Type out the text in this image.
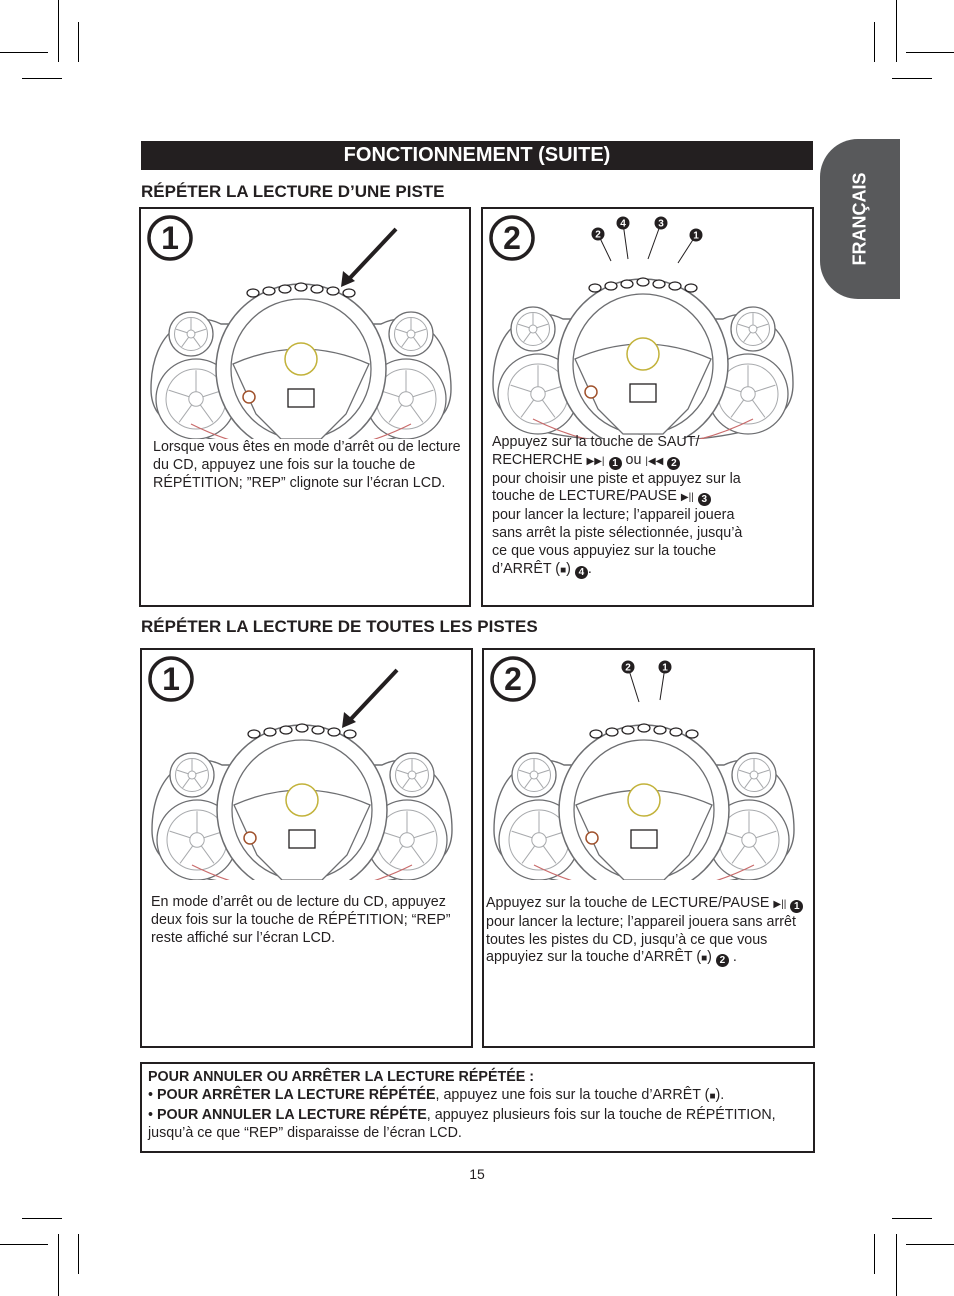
FONCTIONNEMENT (SUITE)
FRANÇAIS
RÉPÉTER LA LECTURE D’UNE PISTE
RÉPÉTER LA LECTURE DE TOUTES LES PISTES
1
Lorsque vous êtes en mode d’arrêt ou de lecture du CD, appuyez une fois sur la touche de RÉPÉTITION; ”REP” clignote sur l’écran LCD.
2	2
4	3
1
Appuyez sur la touche de SAUT/
RECHERCHE ▶▶| 1 ou |◀◀ 2
pour choisir une piste et appuyez sur la
touche de LECTURE/PAUSE ▶|| 3
pour lancer la lecture; l’appareil jouera sans arrêt la piste sélectionnée, jusqu’à ce que vous appuyiez sur la touche
d’ARRÊT (■) 4 .
1
En mode d’arrêt ou de lecture du CD, appuyez deux fois sur la touche de RÉPÉTITION; “REP” reste affiché sur l’écran LCD.
2	2	1
Appuyez sur la touche de LECTURE/PAUSE ▶|| 1
pour lancer la lecture; l’appareil jouera sans arrêt toutes les pistes du CD, jusqu’à ce que vous appuyiez sur la touche d’ARRÊT (■) 2 .
POUR ANNULER OU ARRÊTER LA LECTURE RÉPÉTÉE :
• POUR ARRÊTER LA LECTURE RÉPÉTÉE, appuyez une fois sur la touche d’ARRÊT (■).
• POUR ANNULER LA LECTURE RÉPÉTE, appuyez plusieurs fois sur la touche de RÉPÉTITION, jusqu’à ce que “REP” disparaisse de l’écran LCD.
15
